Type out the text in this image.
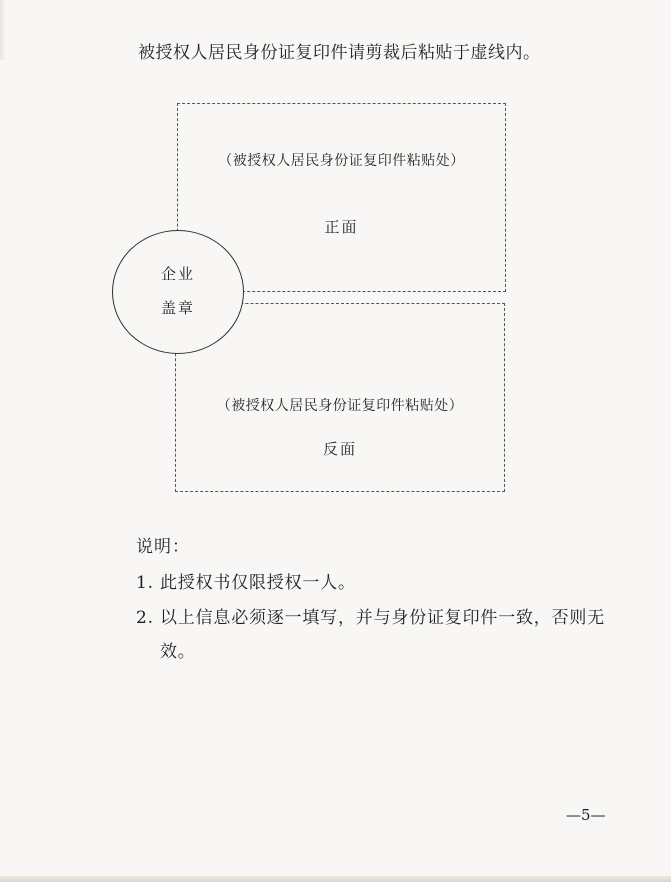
被授权人居民身份证复印件请剪裁后粘贴于虚线内。
（被授权人居民身份证复印件粘贴处）
正面
（被授权人居民身份证复印件粘贴处）
反面
企业
盖章
说明：
1. 此授权书仅限授权一人。
2. 以上信息必须逐一填写，并与身份证复印件一致，否则无
效。
—5—
